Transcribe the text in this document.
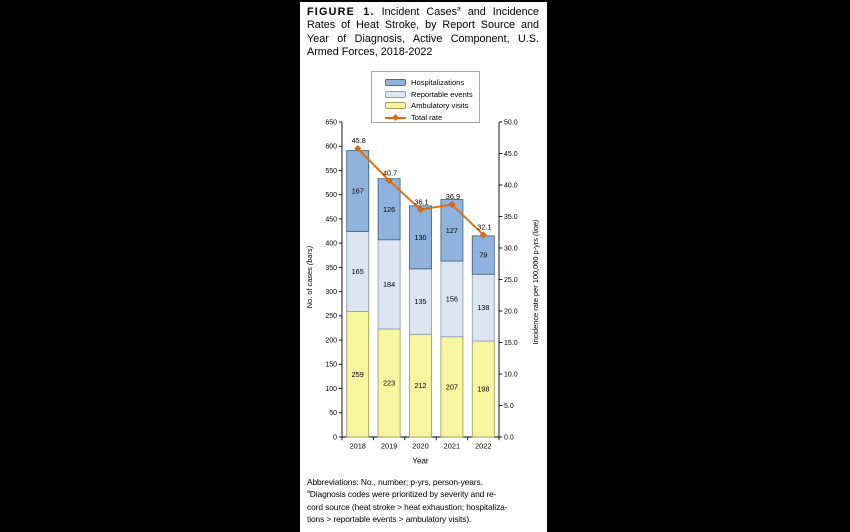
FIGURE 1. Incident Cases$^a$ and Incidence Rates of Heat Stroke, by Report Source and Year of Diagnosis, Active Component, U.S. Armed Forces, 2018-2022
Hospitalizations
Reportable events
Ambulatory visits
Total rate
0
50
100
150
200
250
300
350
400
450
500
550
600
650
0.0
5.0
10.0
15.0
20.0
25.0
30.0
35.0
40.0
45.0
50.0
259
165
167
2018
223
184
126
2019
212
135
130
2020
207
156
127
2021
198
138
79
2022
45.8
40.7
36.1
36.9
32.1
Year
No. of cases (bars)	Incidence rate per 100,000 p-yrs (line)
Abbreviations: No., number; p-yrs, person-years.
$^a$Diagnosis codes were prioritized by severity and re-
cord source (heat stroke > heat exhaustion; hospitaliza-
tions > reportable events > ambulatory visits).
